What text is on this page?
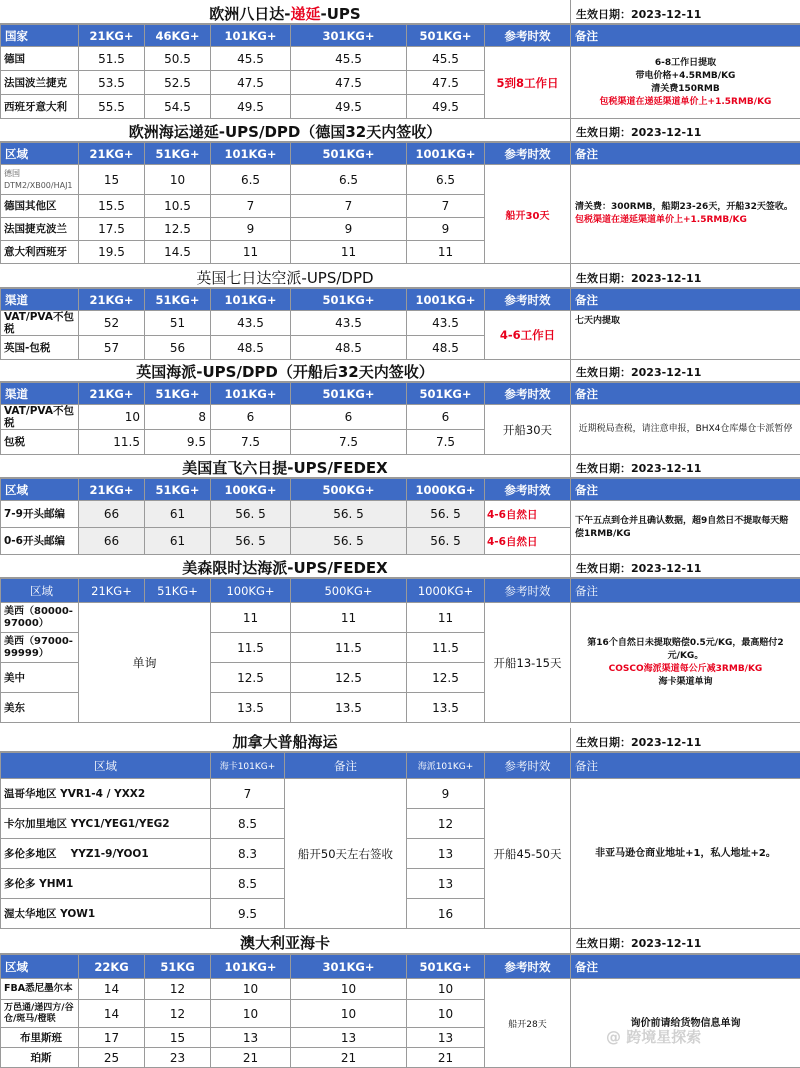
欧洲八日达-递延-UPS	生效日期：2023-12-11
国家	21KG+	46KG+	101KG+	301KG+	501KG+	参考时效	备注
德国	51.5	50.5	45.5	45.5	45.5	5到8工作日	6-8工作日提取
带电价格+4.5RMB/KG
清关费150RMB
包税渠道在递延渠道单价上+1.5RMB/KG

法国波兰捷克	53.5	52.5	47.5	47.5	47.5		
西班牙意大利	55.5	54.5	49.5	49.5	49.5		
欧洲海运递延-UPS/DPD（德国32天内签收）	生效日期：2023-12-11
区域	21KG+	51KG+	101KG+	501KG+	1001KG+	参考时效	备注
德国 DTM2/XB00/HAJ1	15	10	6.5	6.5	6.5	船开30天	清关费：300RMB，船期23-26天，开船32天签收。
包税渠道在递延渠道单价上+1.5RMB/KG

德国其他区	15.5	10.5	7	7	7		
法国捷克波兰	17.5	12.5	9	9	9		
意大利西班牙	19.5	14.5	11	11	11		
英国七日达空派-UPS/DPD	生效日期：2023-12-11
渠道	21KG+	51KG+	101KG+	501KG+	1001KG+	参考时效	备注
VAT/PVA不包税	52	51	43.5	43.5	43.5	4-6工作日	七天内提取
英国-包税	57	56	48.5	48.5	48.5		
英国海派-UPS/DPD（开船后32天内签收）	生效日期：2023-12-11
渠道	21KG+	51KG+	101KG+	501KG+	501KG+	参考时效	备注
VAT/PVA不包税	10	8	6	6	6	开船30天	近期税局查税，请注意申报，BHX4仓库爆仓卡派暂停
包税	11.5	9.5	7.5	7.5	7.5		
美国直飞六日提-UPS/FEDEX	生效日期：2023-12-11
区域	21KG+	51KG+	100KG+	500KG+	1000KG+	参考时效	备注
7-9开头邮编	66	61	56. 5	56. 5	56. 5	4-6自然日	下午五点到仓并且确认数据，超9自然日不提取每天赔偿1RMB/KG
0-6开头邮编	66	61	56. 5	56. 5	56. 5	4-6自然日	
美森限时达海派-UPS/FEDEX	生效日期：2023-12-11
区域	21KG+	51KG+	100KG+	500KG+	1000KG+	参考时效	备注
美西（80000-97000）	单询		11	11	11	开船13-15天	第16个自然日未提取赔偿0.5元/KG，最高赔付2元/KG。
COSCO海派渠道每公斤减3RMB/KG
海卡渠道单询

美西（97000-99999）			11.5	11.5	11.5		
美中			12.5	12.5	12.5		
美东			13.5	13.5	13.5		
加拿大普船海运	生效日期：2023-12-11
区域	海卡101KG+	备注	海派101KG+	参考时效	备注
温哥华地区 YVR1-4 / YXX2	7	船开50天左右签收	9	开船45-50天	非亚马逊仓商业地址+1，私人地址+2。
卡尔加里地区 YYC1/YEG1/YEG2	8.5		12		
多伦多地区　 YYZ1-9/YOO1	8.3		13		
多伦多 YHM1	8.5		13		
渥太华地区 YOW1	9.5		16		
澳大利亚海卡	生效日期：2023-12-11
区域	22KG	51KG	101KG+	301KG+	501KG+	参考时效	备注
FBA悉尼墨尔本	14	12	10	10	10	船开28天	询价前请给货物信息单询
万邑通/递四方/谷仓/斑马/橙联	14	12	10	10	10		
布里斯班	17	15	13	13	13		
珀斯	25	23	21	21	21		
@ 跨境星探索
